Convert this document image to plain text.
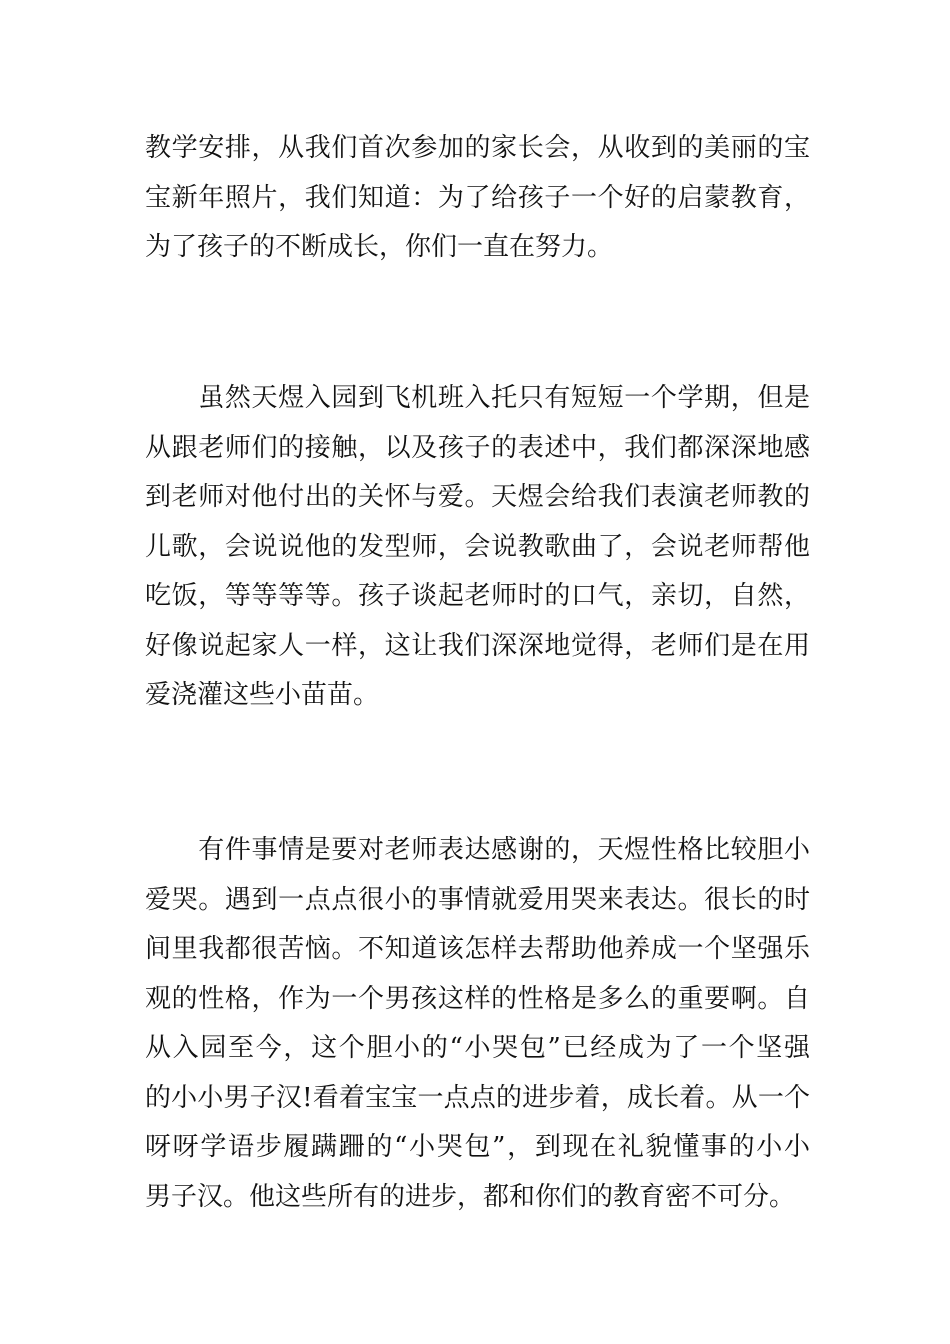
教学安排，从我们首次参加的家长会，从收到的美丽的宝
宝新年照片，我们知道：为了给孩子一个好的启蒙教育，
为了孩子的不断成长，你们一直在努力。
　　虽然天煜入园到飞机班入托只有短短一个学期，但是
从跟老师们的接触，以及孩子的表述中，我们都深深地感
到老师对他付出的关怀与爱。天煜会给我们表演老师教的
儿歌，会说说他的发型师，会说教歌曲了，会说老师帮他
吃饭，等等等等。孩子谈起老师时的口气，亲切，自然，
好像说起家人一样，这让我们深深地觉得，老师们是在用
爱浇灌这些小苗苗。
　　有件事情是要对老师表达感谢的，天煜性格比较胆小
爱哭。遇到一点点很小的事情就爱用哭来表达。很长的时
间里我都很苦恼。不知道该怎样去帮助他养成一个坚强乐
观的性格，作为一个男孩这样的性格是多么的重要啊。自
从入园至今，这个胆小的“小哭包”已经成为了一个坚强
的小小男子汉!看着宝宝一点点的进步着，成长着。从一个
呀呀学语步履蹒跚的“小哭包”，到现在礼貌懂事的小小
男子汉。他这些所有的进步，都和你们的教育密不可分。
